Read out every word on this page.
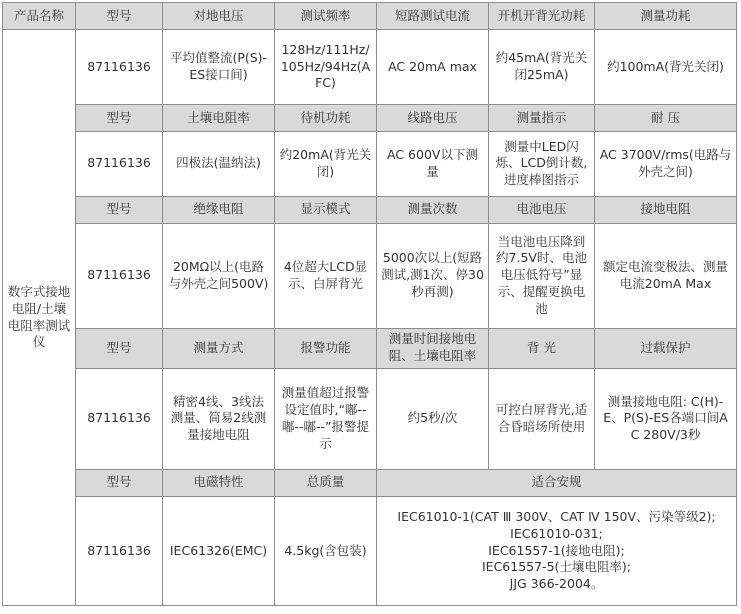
产品名称	型号	对地电压	测试频率	短路测试电流	开机开背光功耗	测量功耗
数字式接地电阻/土壤电阻率测试仪	87116136	平均值整流(P(S)-ES接口间)	128Hz/111Hz/105Hz/94Hz(AFC)	AC 20mA max	约45mA(背光关闭25mA)	约100mA(背光关闭)
	型号	土壤电阻率	待机功耗	线路电压	测量指示	耐 压
	87116136	四极法(温纳法)	约20mA(背光关闭)	AC 600V以下测量	测量中LED闪烁、LCD倒计数,进度棒图指示	AC 3700V/rms(电路与外壳之间)
	型号	绝缘电阻	显示模式	测量次数	电池电压	接地电阻
	87116136	20MΩ以上(电路与外壳之间500V)	4位超大LCD显示、白屏背光	5000次以上(短路测试,测1次、停30秒再测)	当电池电压降到约7.5V时、电池电压低符号”显示、提醒更换电池	额定电流变极法、测量电流20mA Max
	型号	测量方式	报警功能	测量时间接地电阻、土壤电阻率	背 光	过载保护
	87116136	精密4线、3线法测量、简易2线测量接地电阻	测量值超过报警设定值时,“嘟--嘟--嘟--”报警提示	约5秒/次	可控白屏背光,适合昏暗场所使用	测量接地电阻: C(H)-E、P(S)-ES各端口间AC 280V/3秒
	型号	电磁特性	总质量	适合安规		
	87116136	IEC61326(EMC)	4.5kg(含包装)	IEC61010-1(CAT Ⅲ 300V、CAT Ⅳ 150V、污染等级2);
IEC61010-031;
IEC61557-1(接地电阻);
IEC61557-5(土壤电阻率);
JJG 366-2004。		
